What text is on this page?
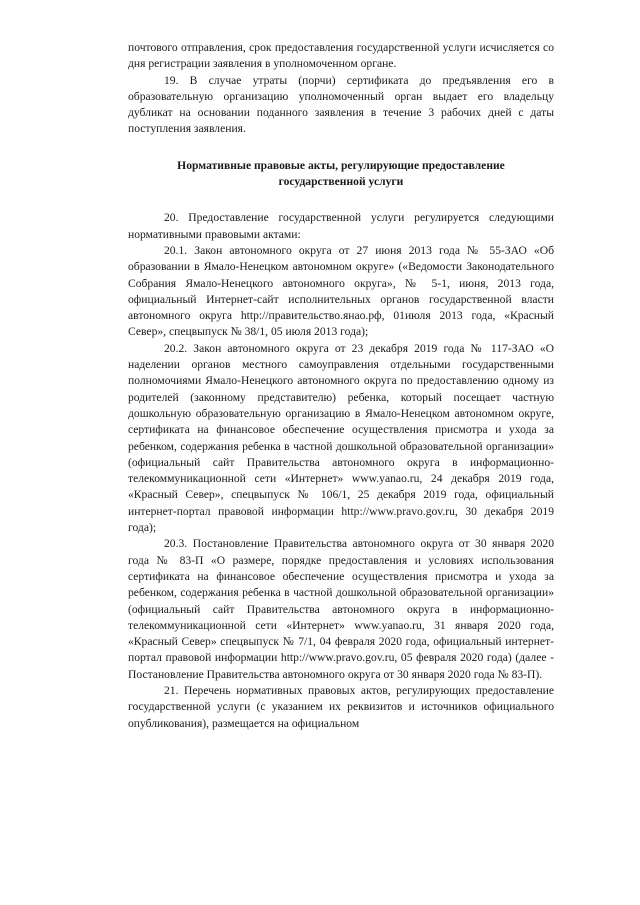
почтового отправления, срок предоставления государственной услуги исчисляется со дня регистрации заявления в уполномоченном органе.

19. В случае утраты (порчи) сертификата до предъявления его в образовательную организацию уполномоченный орган выдает его владельцу дубликат на основании поданного заявления в течение 3 рабочих дней с даты поступления заявления.

Нормативные правовые акты, регулирующие предоставление
государственной услуги

20. Предоставление государственной услуги регулируется следующими нормативными правовыми актами:

20.1. Закон автономного округа от 27 июня 2013 года № 55-ЗАО «Об образовании в Ямало-Ненецком автономном округе» («Ведомости Законодательного Собрания Ямало-Ненецкого автономного округа», № 5-1, июня, 2013 года, официальный Интернет-сайт исполнительных органов государственной власти автономного округа http://правительство.янао.рф, 01июля 2013 года, «Красный Север», спецвыпуск № 38/1, 05 июля 2013 года);

20.2. Закон автономного округа от 23 декабря 2019 года № 117-ЗАО «О наделении органов местного самоуправления отдельными государственными полномочиями Ямало-Ненецкого автономного округа по предоставлению одному из родителей (законному представителю) ребенка, который посещает частную дошкольную образовательную организацию в Ямало-Ненецком автономном округе, сертификата на финансовое обеспечение осуществления присмотра и ухода за ребенком, содержания ребенка в частной дошкольной образовательной организации» (официальный сайт Правительства автономного округа в информационно-телекоммуникационной сети «Интернет» www.yanao.ru, 24 декабря 2019 года, «Красный Север», спецвыпуск № 106/1, 25 декабря 2019 года, официальный интернет-портал правовой информации http://www.pravo.gov.ru, 30 декабря 2019 года);

20.3. Постановление Правительства автономного округа от 30 января 2020 года № 83-П «О размере, порядке предоставления и условиях использования сертификата на финансовое обеспечение осуществления присмотра и ухода за ребенком, содержания ребенка в частной дошкольной образовательной организации» (официальный сайт Правительства автономного округа в информационно-телекоммуникационной сети «Интернет» www.yanao.ru, 31 января 2020 года, «Красный Север» спецвыпуск № 7/1, 04 февраля 2020 года, официальный интернет-портал правовой информации http://www.pravo.gov.ru, 05 февраля 2020 года) (далее - Постановление Правительства автономного округа от 30 января 2020 года № 83-П).

21. Перечень нормативных правовых актов, регулирующих предоставление государственной услуги (с указанием их реквизитов и источников официального опубликования), размещается на официальном
